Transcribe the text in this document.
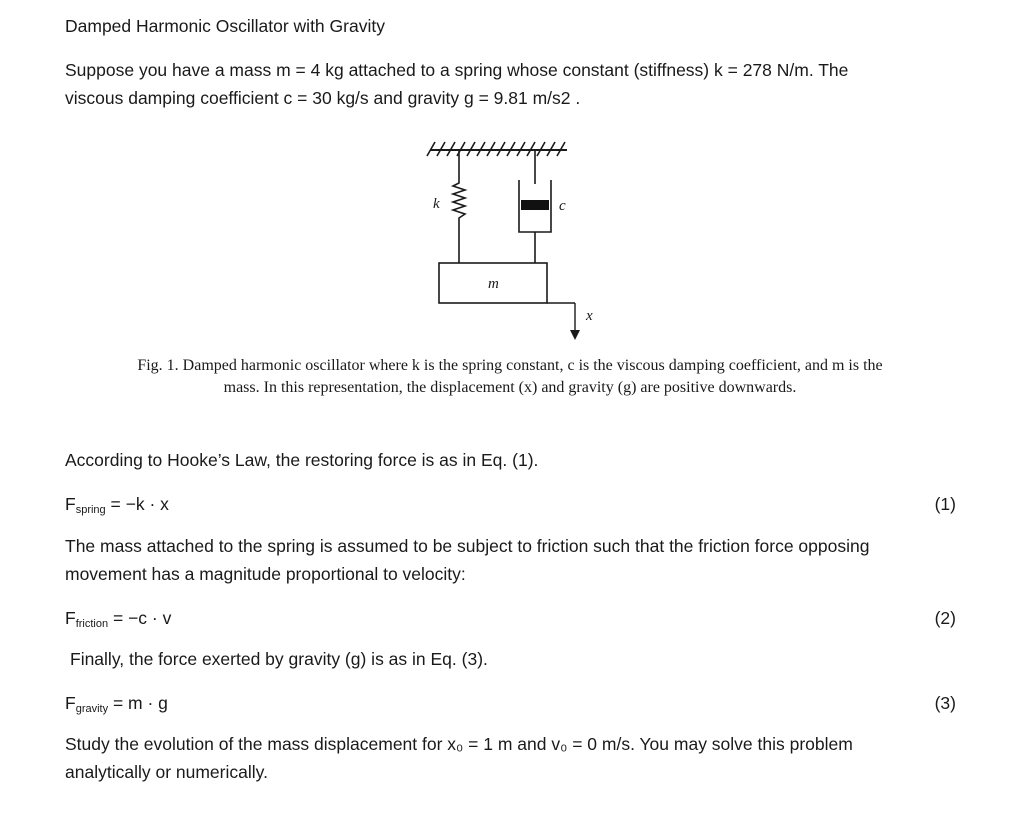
Damped Harmonic Oscillator with Gravity
Suppose you have a mass m = 4 kg attached to a spring whose constant (stiffness) k = 278 N/m. The
viscous damping coefficient c = 30 kg/s and gravity g = 9.81 m/s2 .
k	c
m
x
Fig. 1. Damped harmonic oscillator where k is the spring constant, c is the viscous damping coefficient, and m is the
mass. In this representation, the displacement (x) and gravity (g) are positive downwards.
According to Hooke’s Law, the restoring force is as in Eq. (1).
$F_{spring} = -k \cdot x$	(1)
The mass attached to the spring is assumed to be subject to friction such that the friction force opposing
movement has a magnitude proportional to velocity:
$F_{friction} = -c \cdot v$	(2)
Finally, the force exerted by gravity (g) is as in Eq. (3).
$F_{gravity} = m \cdot g$	(3)
Study the evolution of the mass displacement for x₀ = 1 m and v₀ = 0 m/s. You may solve this problem
analytically or numerically.
